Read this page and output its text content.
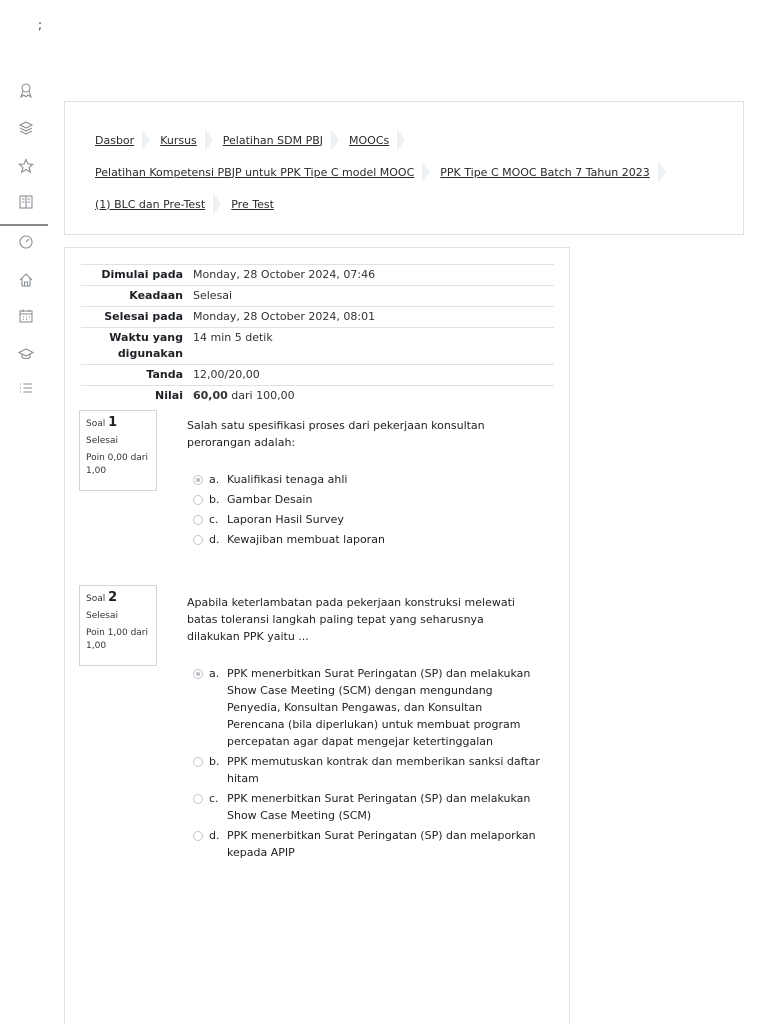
;
Dasbor Kursus Pelatihan SDM PBJ MOOCs
Pelatihan Kompetensi PBJP untuk PPK Tipe C model MOOC PPK Tipe C MOOC Batch 7 Tahun 2023
(1) BLC dan Pre-Test Pre Test
Dimulai pada	Monday, 28 October 2024, 07:46
Keadaan	Selesai
Selesai pada	Monday, 28 October 2024, 08:01
Waktu yang digunakan	14 min 5 detik
Tanda	12,00/20,00
Nilai	60,00 dari 100,00
Soal 1
Selesai
Poin 0,00 dari 1,00
Salah satu spesifikasi proses dari pekerjaan konsultan perorangan adalah:
a. Kualifikasi tenaga ahli
b. Gambar Desain
c. Laporan Hasil Survey
d. Kewajiban membuat laporan
Soal 2
Selesai
Poin 1,00 dari 1,00
Apabila keterlambatan pada pekerjaan konstruksi melewati batas toleransi langkah paling tepat yang seharusnya dilakukan PPK yaitu ...
a. PPK menerbitkan Surat Peringatan (SP) dan melakukan Show Case Meeting (SCM) dengan mengundang Penyedia, Konsultan Pengawas, dan Konsultan Perencana (bila diperlukan) untuk membuat program percepatan agar dapat mengejar ketertinggalan
b. PPK memutuskan kontrak dan memberikan sanksi daftar hitam
c. PPK menerbitkan Surat Peringatan (SP) dan melakukan Show Case Meeting (SCM)
d. PPK menerbitkan Surat Peringatan (SP) dan melaporkan kepada APIP
